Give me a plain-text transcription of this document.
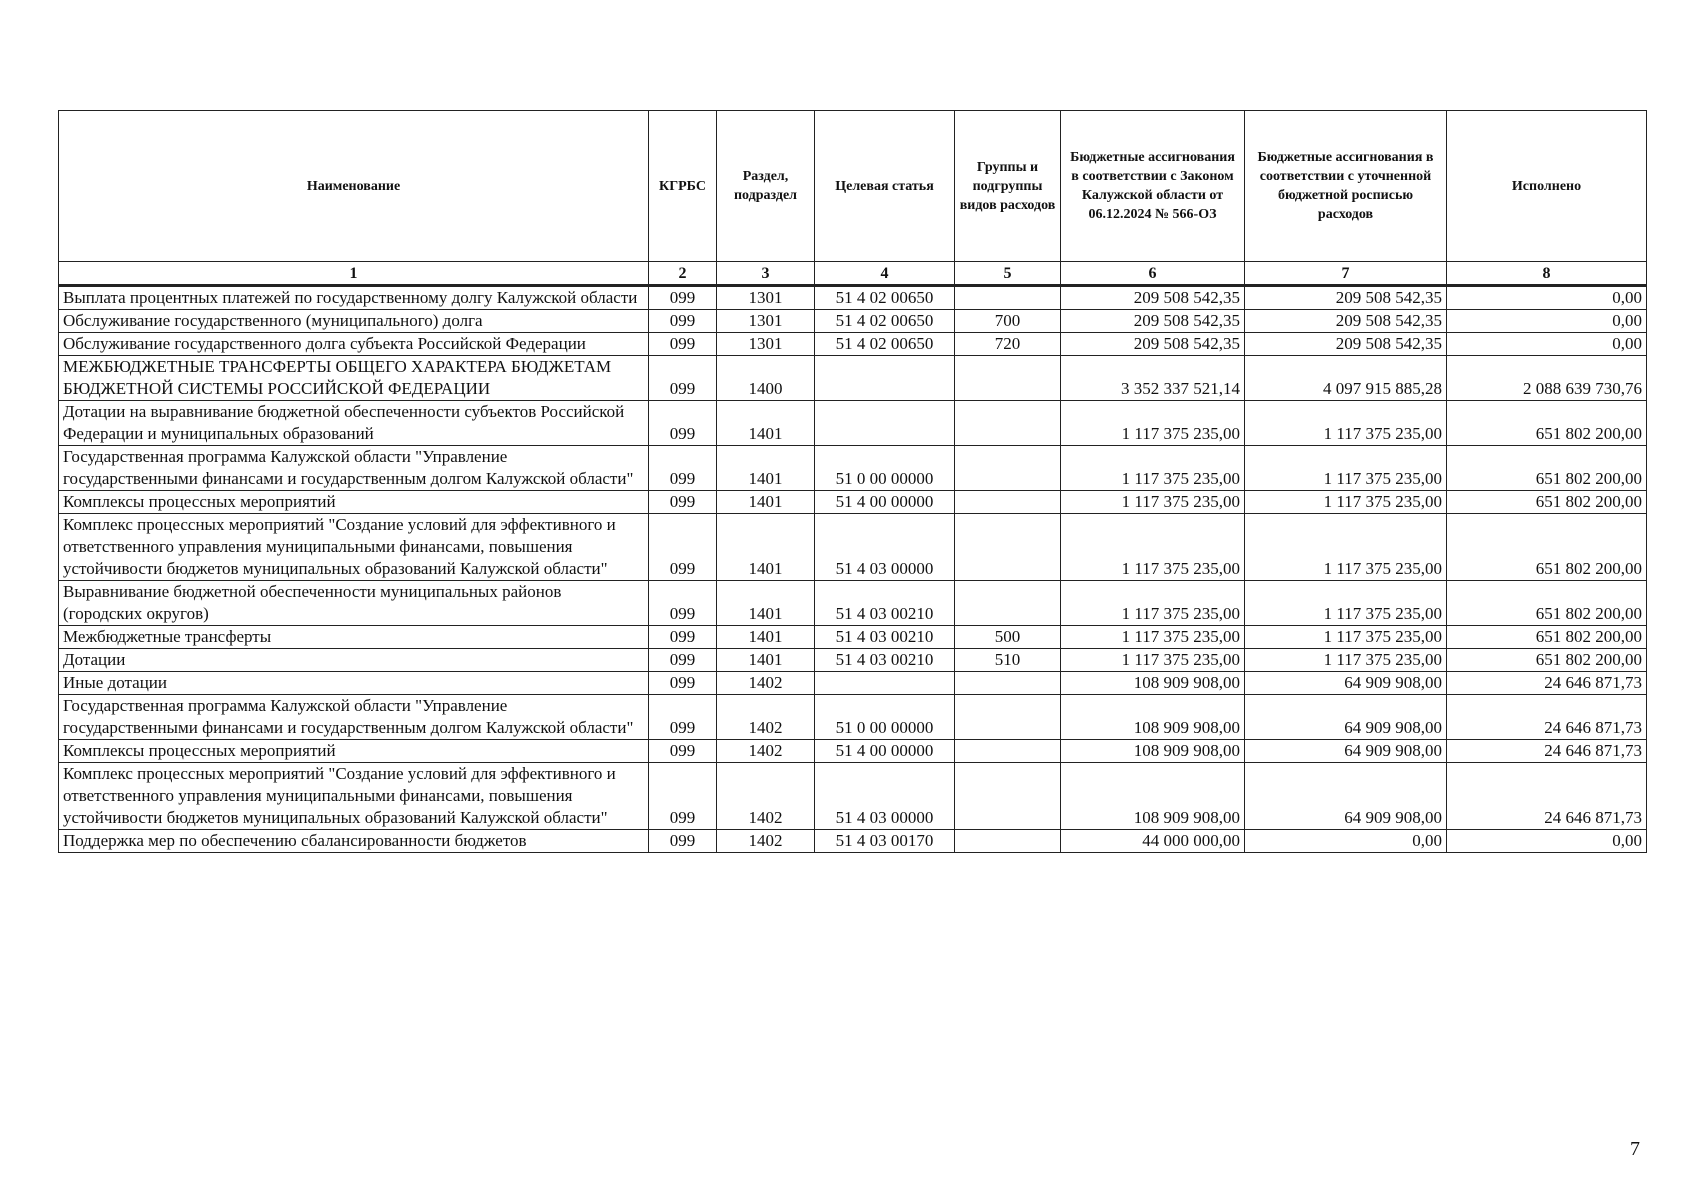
Наименование	КГРБС	Раздел, подраздел	Целевая статья	Группы и подгруппы видов расходов	Бюджетные ассигнования в соответствии с Законом Калужской области от 06.12.2024 № 566-ОЗ	Бюджетные ассигнования в соответствии с уточненной бюджетной росписью расходов	Исполнено
1	2	3	4	5	6	7	8
Выплата процентных платежей по государственному долгу Калужской области	099	1301	51 4 02 00650		209 508 542,35	209 508 542,35	0,00
Обслуживание государственного (муниципального) долга	099	1301	51 4 02 00650	700	209 508 542,35	209 508 542,35	0,00
Обслуживание государственного долга субъекта Российской Федерации	099	1301	51 4 02 00650	720	209 508 542,35	209 508 542,35	0,00
МЕЖБЮДЖЕТНЫЕ ТРАНСФЕРТЫ ОБЩЕГО ХАРАКТЕРА БЮДЖЕТАМ БЮДЖЕТНОЙ СИСТЕМЫ РОССИЙСКОЙ ФЕДЕРАЦИИ	099	1400			3 352 337 521,14	4 097 915 885,28	2 088 639 730,76
Дотации на выравнивание бюджетной обеспеченности субъектов Российской Федерации и муниципальных образований	099	1401			1 117 375 235,00	1 117 375 235,00	651 802 200,00
Государственная программа Калужской области "Управление государственными финансами и государственным долгом Калужской области"	099	1401	51 0 00 00000		1 117 375 235,00	1 117 375 235,00	651 802 200,00
Комплексы процессных мероприятий	099	1401	51 4 00 00000		1 117 375 235,00	1 117 375 235,00	651 802 200,00
Комплекс процессных мероприятий "Создание условий для эффективного и ответственного управления муниципальными финансами, повышения устойчивости бюджетов муниципальных образований Калужской области"	099	1401	51 4 03 00000		1 117 375 235,00	1 117 375 235,00	651 802 200,00
Выравнивание бюджетной обеспеченности муниципальных районов (городских округов)	099	1401	51 4 03 00210		1 117 375 235,00	1 117 375 235,00	651 802 200,00
Межбюджетные трансферты	099	1401	51 4 03 00210	500	1 117 375 235,00	1 117 375 235,00	651 802 200,00
Дотации	099	1401	51 4 03 00210	510	1 117 375 235,00	1 117 375 235,00	651 802 200,00
Иные дотации	099	1402			108 909 908,00	64 909 908,00	24 646 871,73
Государственная программа Калужской области "Управление государственными финансами и государственным долгом Калужской области"	099	1402	51 0 00 00000		108 909 908,00	64 909 908,00	24 646 871,73
Комплексы процессных мероприятий	099	1402	51 4 00 00000		108 909 908,00	64 909 908,00	24 646 871,73
Комплекс процессных мероприятий "Создание условий для эффективного и ответственного управления муниципальными финансами, повышения устойчивости бюджетов муниципальных образований Калужской области"	099	1402	51 4 03 00000		108 909 908,00	64 909 908,00	24 646 871,73
Поддержка мер по обеспечению сбалансированности бюджетов	099	1402	51 4 03 00170		44 000 000,00	0,00	0,00
7
